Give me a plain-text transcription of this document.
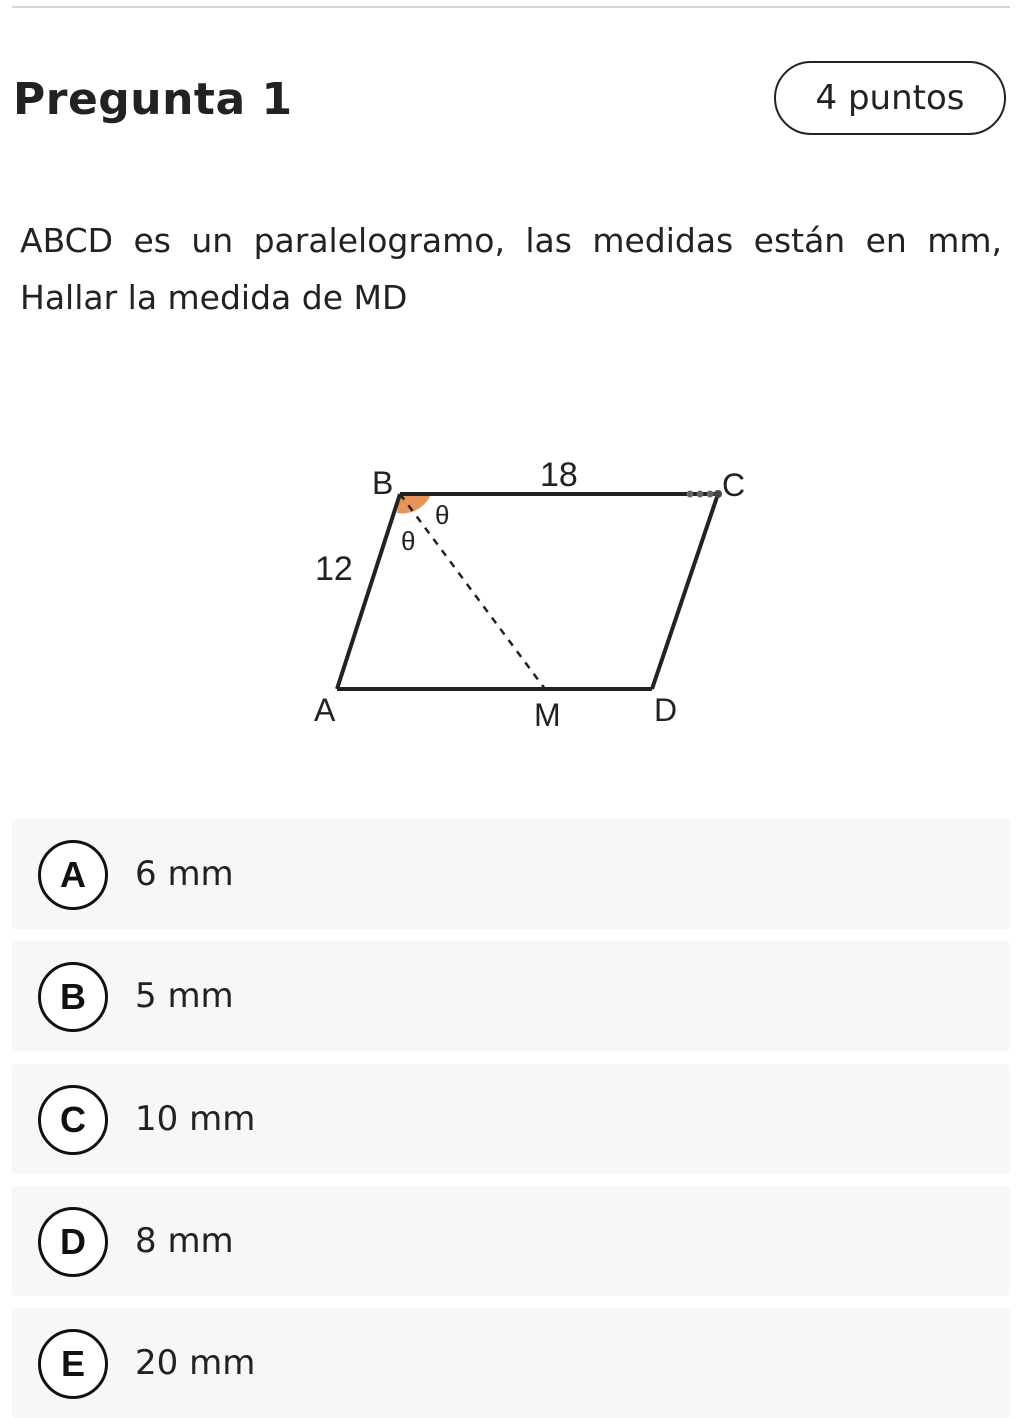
Pregunta 1	4 puntos
ABCD es un paralelogramo, las medidas están en mm,
Hallar la medida de MD
B	C
A	M	D
18
12
θ
θ
A	6 mm
B	5 mm
C	10 mm
D	8 mm
E	20 mm
